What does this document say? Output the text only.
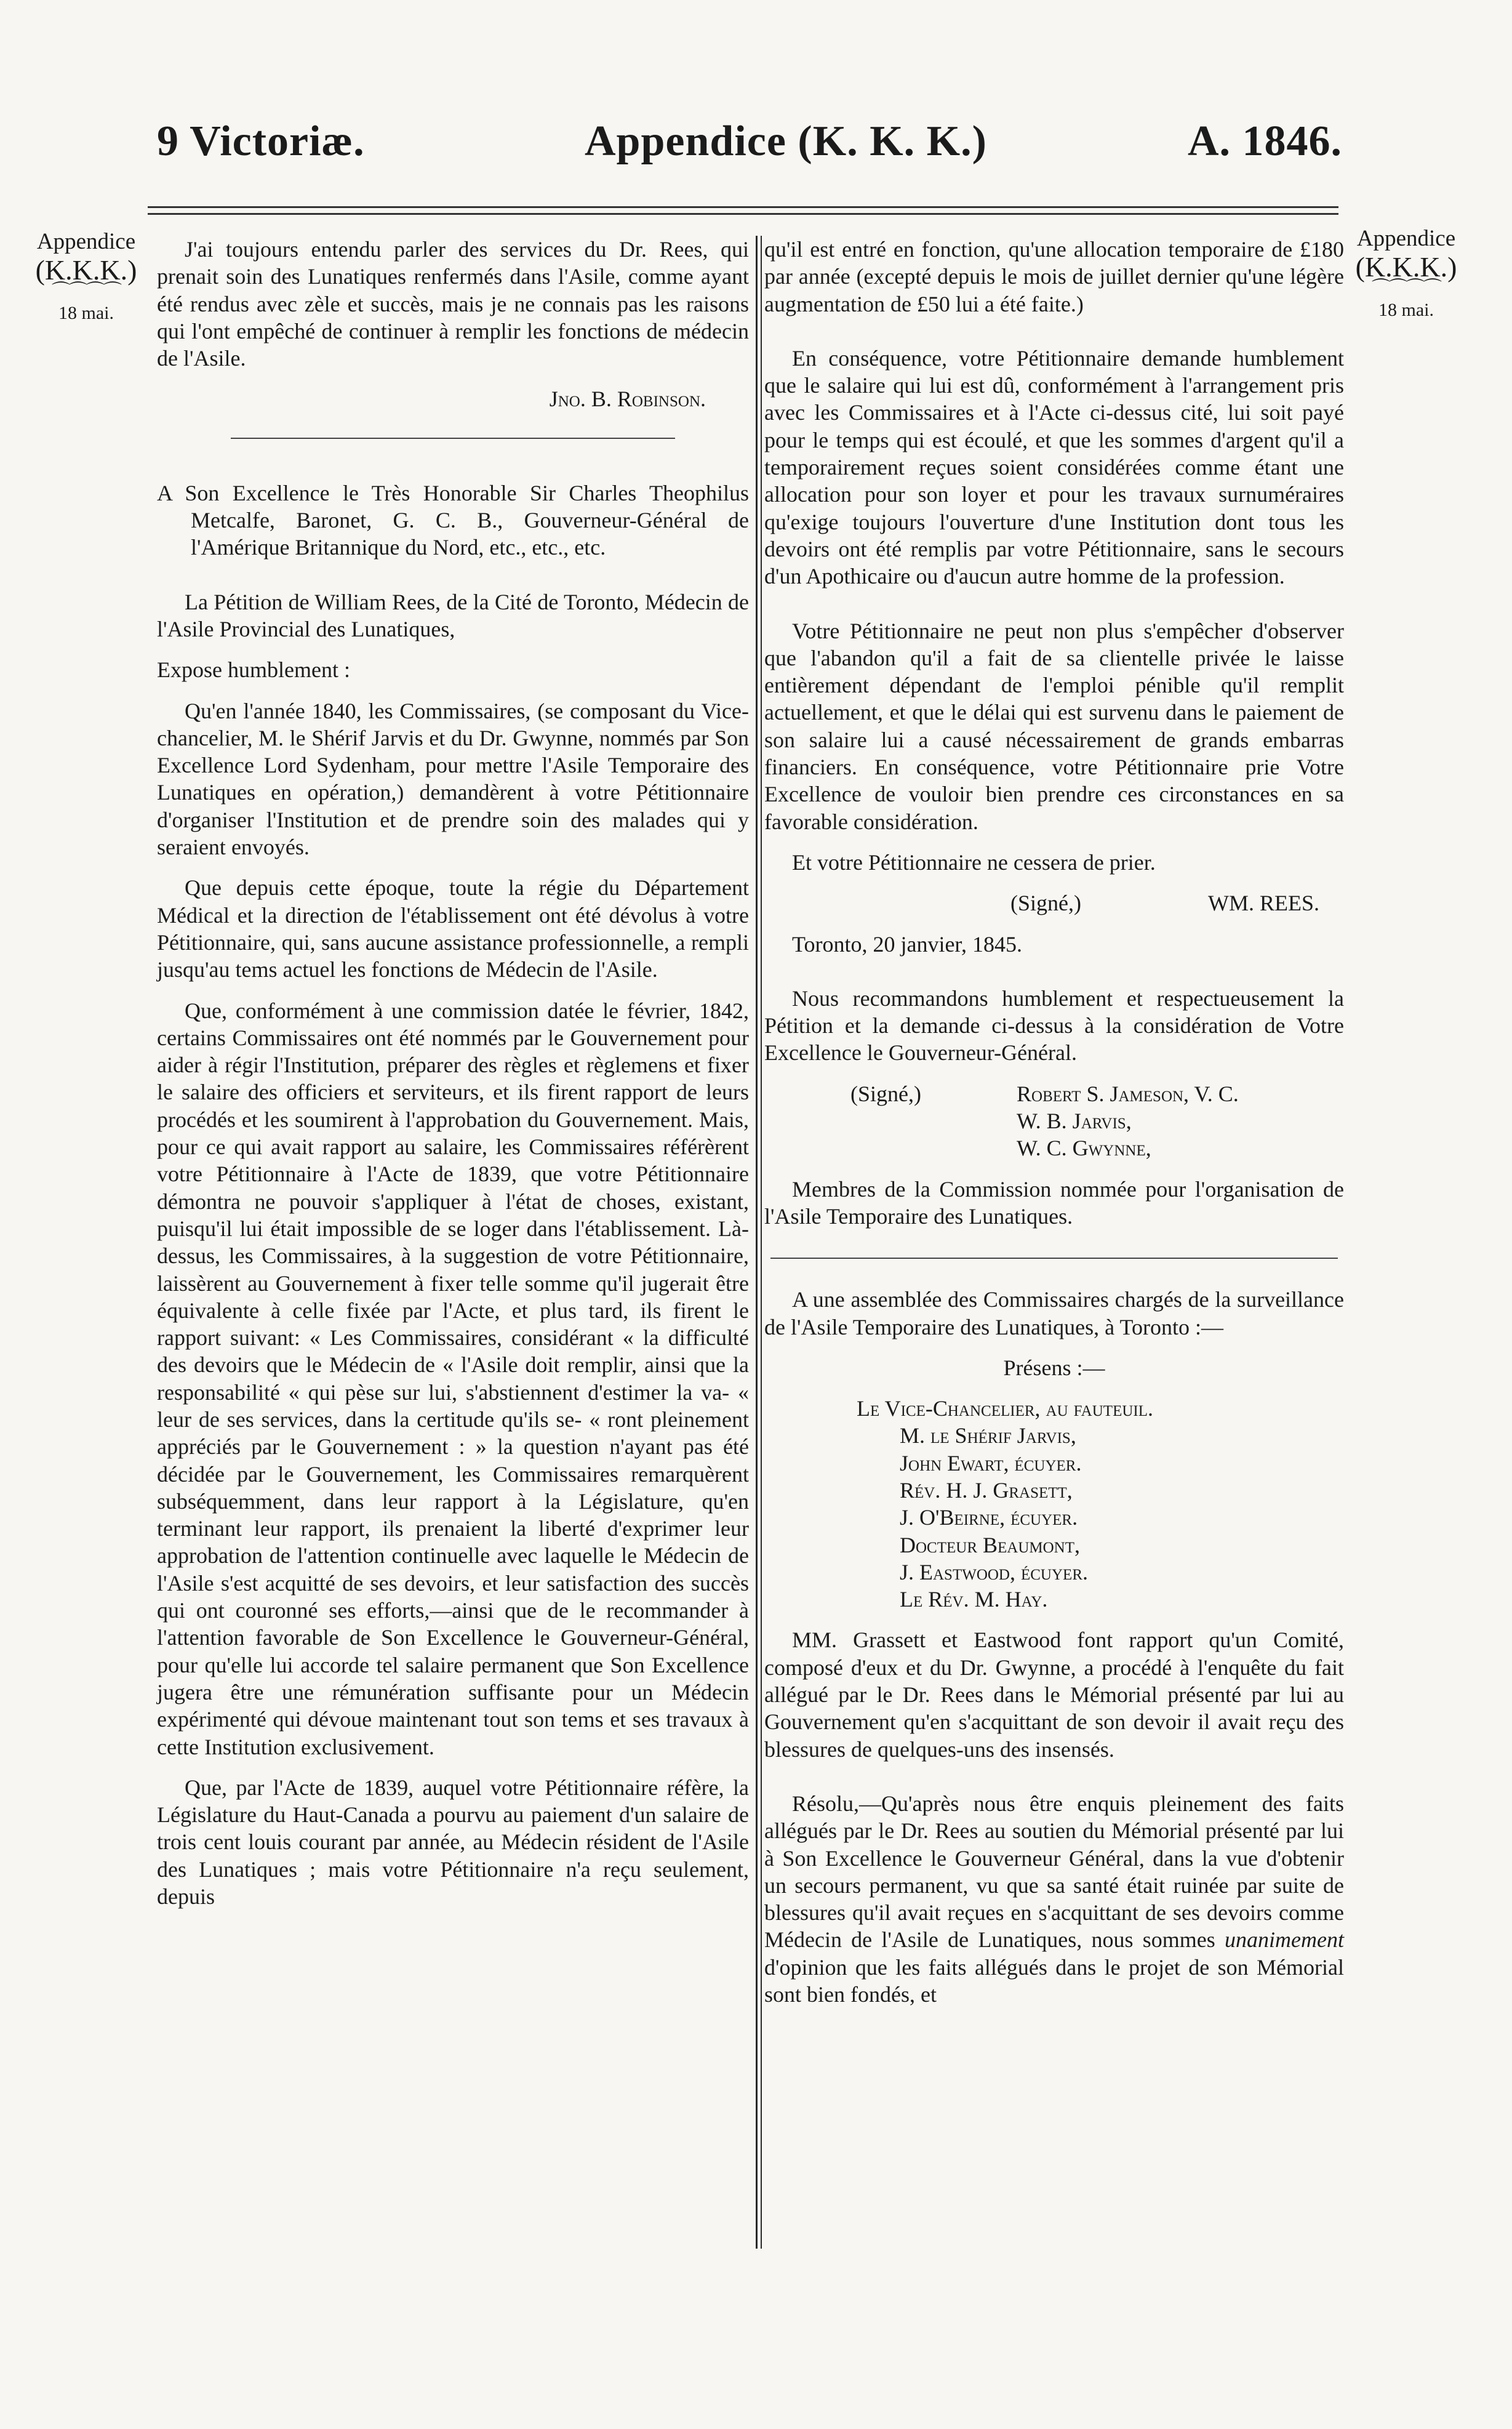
9 Victoriæ.	Appendice (K. K. K.)	A. 1846.
Appendice
(K.K.K.)
⌒⌒⌒⌒
18 mai.
Appendice
(K.K.K.)
⌒⌒⌒⌒
18 mai.

J'ai toujours entendu parler des services du Dr. Rees, qui prenait soin des Lunatiques renfermés dans l'Asile, comme ayant été rendus avec zèle et succès, mais je ne connais pas les raisons qui l'ont empêché de continuer à remplir les fonctions de médecin de l'Asile.

Jno. B. Robinson.

A Son Excellence le Très Honorable Sir Charles Theophilus Metcalfe, Baronet, G. C. B., Gouverneur-Général de l'Amérique Britannique du Nord, etc., etc., etc.

La Pétition de William Rees, de la Cité de Toronto, Médecin de l'Asile Provincial des Lunatiques,

Expose humblement :

Qu'en l'année 1840, les Commissaires, (se composant du Vice-chancelier, M. le Shérif Jarvis et du Dr. Gwynne, nommés par Son Excellence Lord Sydenham, pour mettre l'Asile Temporaire des Lunatiques en opération,) demandèrent à votre Pétitionnaire d'organiser l'Institution et de prendre soin des malades qui y seraient envoyés.

Que depuis cette époque, toute la régie du Département Médical et la direction de l'établissement ont été dévolus à votre Pétitionnaire, qui, sans aucune assistance professionnelle, a rempli jusqu'au tems actuel les fonctions de Médecin de l'Asile.

Que, conformément à une commission datée le février, 1842, certains Commissaires ont été nommés par le Gouvernement pour aider à régir l'Institution, préparer des règles et règlemens et fixer le salaire des officiers et serviteurs, et ils firent rapport de leurs procédés et les soumirent à l'approbation du Gouvernement. Mais, pour ce qui avait rapport au salaire, les Commissaires référèrent votre Pétitionnaire à l'Acte de 1839, que votre Pétitionnaire démontra ne pouvoir s'appliquer à l'état de choses, existant, puisqu'il lui était impossible de se loger dans l'établissement. Là-dessus, les Commissaires, à la suggestion de votre Pétitionnaire, laissèrent au Gouvernement à fixer telle somme qu'il jugerait être équivalente à celle fixée par l'Acte, et plus tard, ils firent le rapport suivant: « Les Commissaires, considérant « la difficulté des devoirs que le Médecin de « l'Asile doit remplir, ainsi que la responsabilité « qui pèse sur lui, s'abstiennent d'estimer la va- « leur de ses services, dans la certitude qu'ils se- « ront pleinement appréciés par le Gouvernement : » la question n'ayant pas été décidée par le Gouvernement, les Commissaires remarquèrent subséquemment, dans leur rapport à la Législature, qu'en terminant leur rapport, ils prenaient la liberté d'exprimer leur approbation de l'attention continuelle avec laquelle le Médecin de l'Asile s'est acquitté de ses devoirs, et leur satisfaction des succès qui ont couronné ses efforts,—ainsi que de le recommander à l'attention favorable de Son Excellence le Gouverneur-Général, pour qu'elle lui accorde tel salaire permanent que Son Excellence jugera être une rémunération suffisante pour un Médecin expérimenté qui dévoue maintenant tout son tems et ses travaux à cette Institution exclusivement.

Que, par l'Acte de 1839, auquel votre Pétitionnaire réfère, la Législature du Haut-Canada a pourvu au paiement d'un salaire de trois cent louis courant par année, au Médecin résident de l'Asile des Lunatiques ; mais votre Pétitionnaire n'a reçu seulement, depuis

qu'il est entré en fonction, qu'une allocation temporaire de £180 par année (excepté depuis le mois de juillet dernier qu'une légère augmentation de £50 lui a été faite.)

En conséquence, votre Pétitionnaire demande humblement que le salaire qui lui est dû, conformément à l'arrangement pris avec les Commissaires et à l'Acte ci-dessus cité, lui soit payé pour le temps qui est écoulé, et que les sommes d'argent qu'il a temporairement reçues soient considérées comme étant une allocation pour son loyer et pour les travaux surnuméraires qu'exige toujours l'ouverture d'une Institution dont tous les devoirs ont été remplis par votre Pétitionnaire, sans le secours d'un Apothicaire ou d'aucun autre homme de la profession.

Votre Pétitionnaire ne peut non plus s'empêcher d'observer que l'abandon qu'il a fait de sa clientelle privée le laisse entièrement dépendant de l'emploi pénible qu'il remplit actuellement, et que le délai qui est survenu dans le paiement de son salaire lui a causé nécessairement de grands embarras financiers. En conséquence, votre Pétitionnaire prie Votre Excellence de vouloir bien prendre ces circonstances en sa favorable considération.

Et votre Pétitionnaire ne cessera de prier.

(Signé,)	WM. REES.

Toronto, 20 janvier, 1845.

Nous recommandons humblement et respectueusement la Pétition et la demande ci-dessus à la considération de Votre Excellence le Gouverneur-Général.

(Signé,)	Robert S. Jameson, V. C.
W. B. Jarvis,
W. C. Gwynne,

Membres de la Commission nommée pour l'organisation de l'Asile Temporaire des Lunatiques.

A une assemblée des Commissaires chargés de la surveillance de l'Asile Temporaire des Lunatiques, à Toronto :—

Présens :—

Le Vice-Chancelier, au fauteuil.
M. le Shérif Jarvis,
John Ewart, écuyer.
Rév. H. J. Grasett,
J. O'Beirne, écuyer.
Docteur Beaumont,
J. Eastwood, écuyer.
Le Rév. M. Hay.

MM. Grassett et Eastwood font rapport qu'un Comité, composé d'eux et du Dr. Gwynne, a procédé à l'enquête du fait allégué par le Dr. Rees dans le Mémorial présenté par lui au Gouvernement qu'en s'acquittant de son devoir il avait reçu des blessures de quelques-uns des insensés.

Résolu,—Qu'après nous être enquis pleinement des faits allégués par le Dr. Rees au soutien du Mémorial présenté par lui à Son Excellence le Gouverneur Général, dans la vue d'obtenir un secours permanent, vu que sa santé était ruinée par suite de blessures qu'il avait reçues en s'acquittant de ses devoirs comme Médecin de l'Asile de Lunatiques, nous sommes unanimement d'opinion que les faits allégués dans le projet de son Mémorial sont bien fondés, et
